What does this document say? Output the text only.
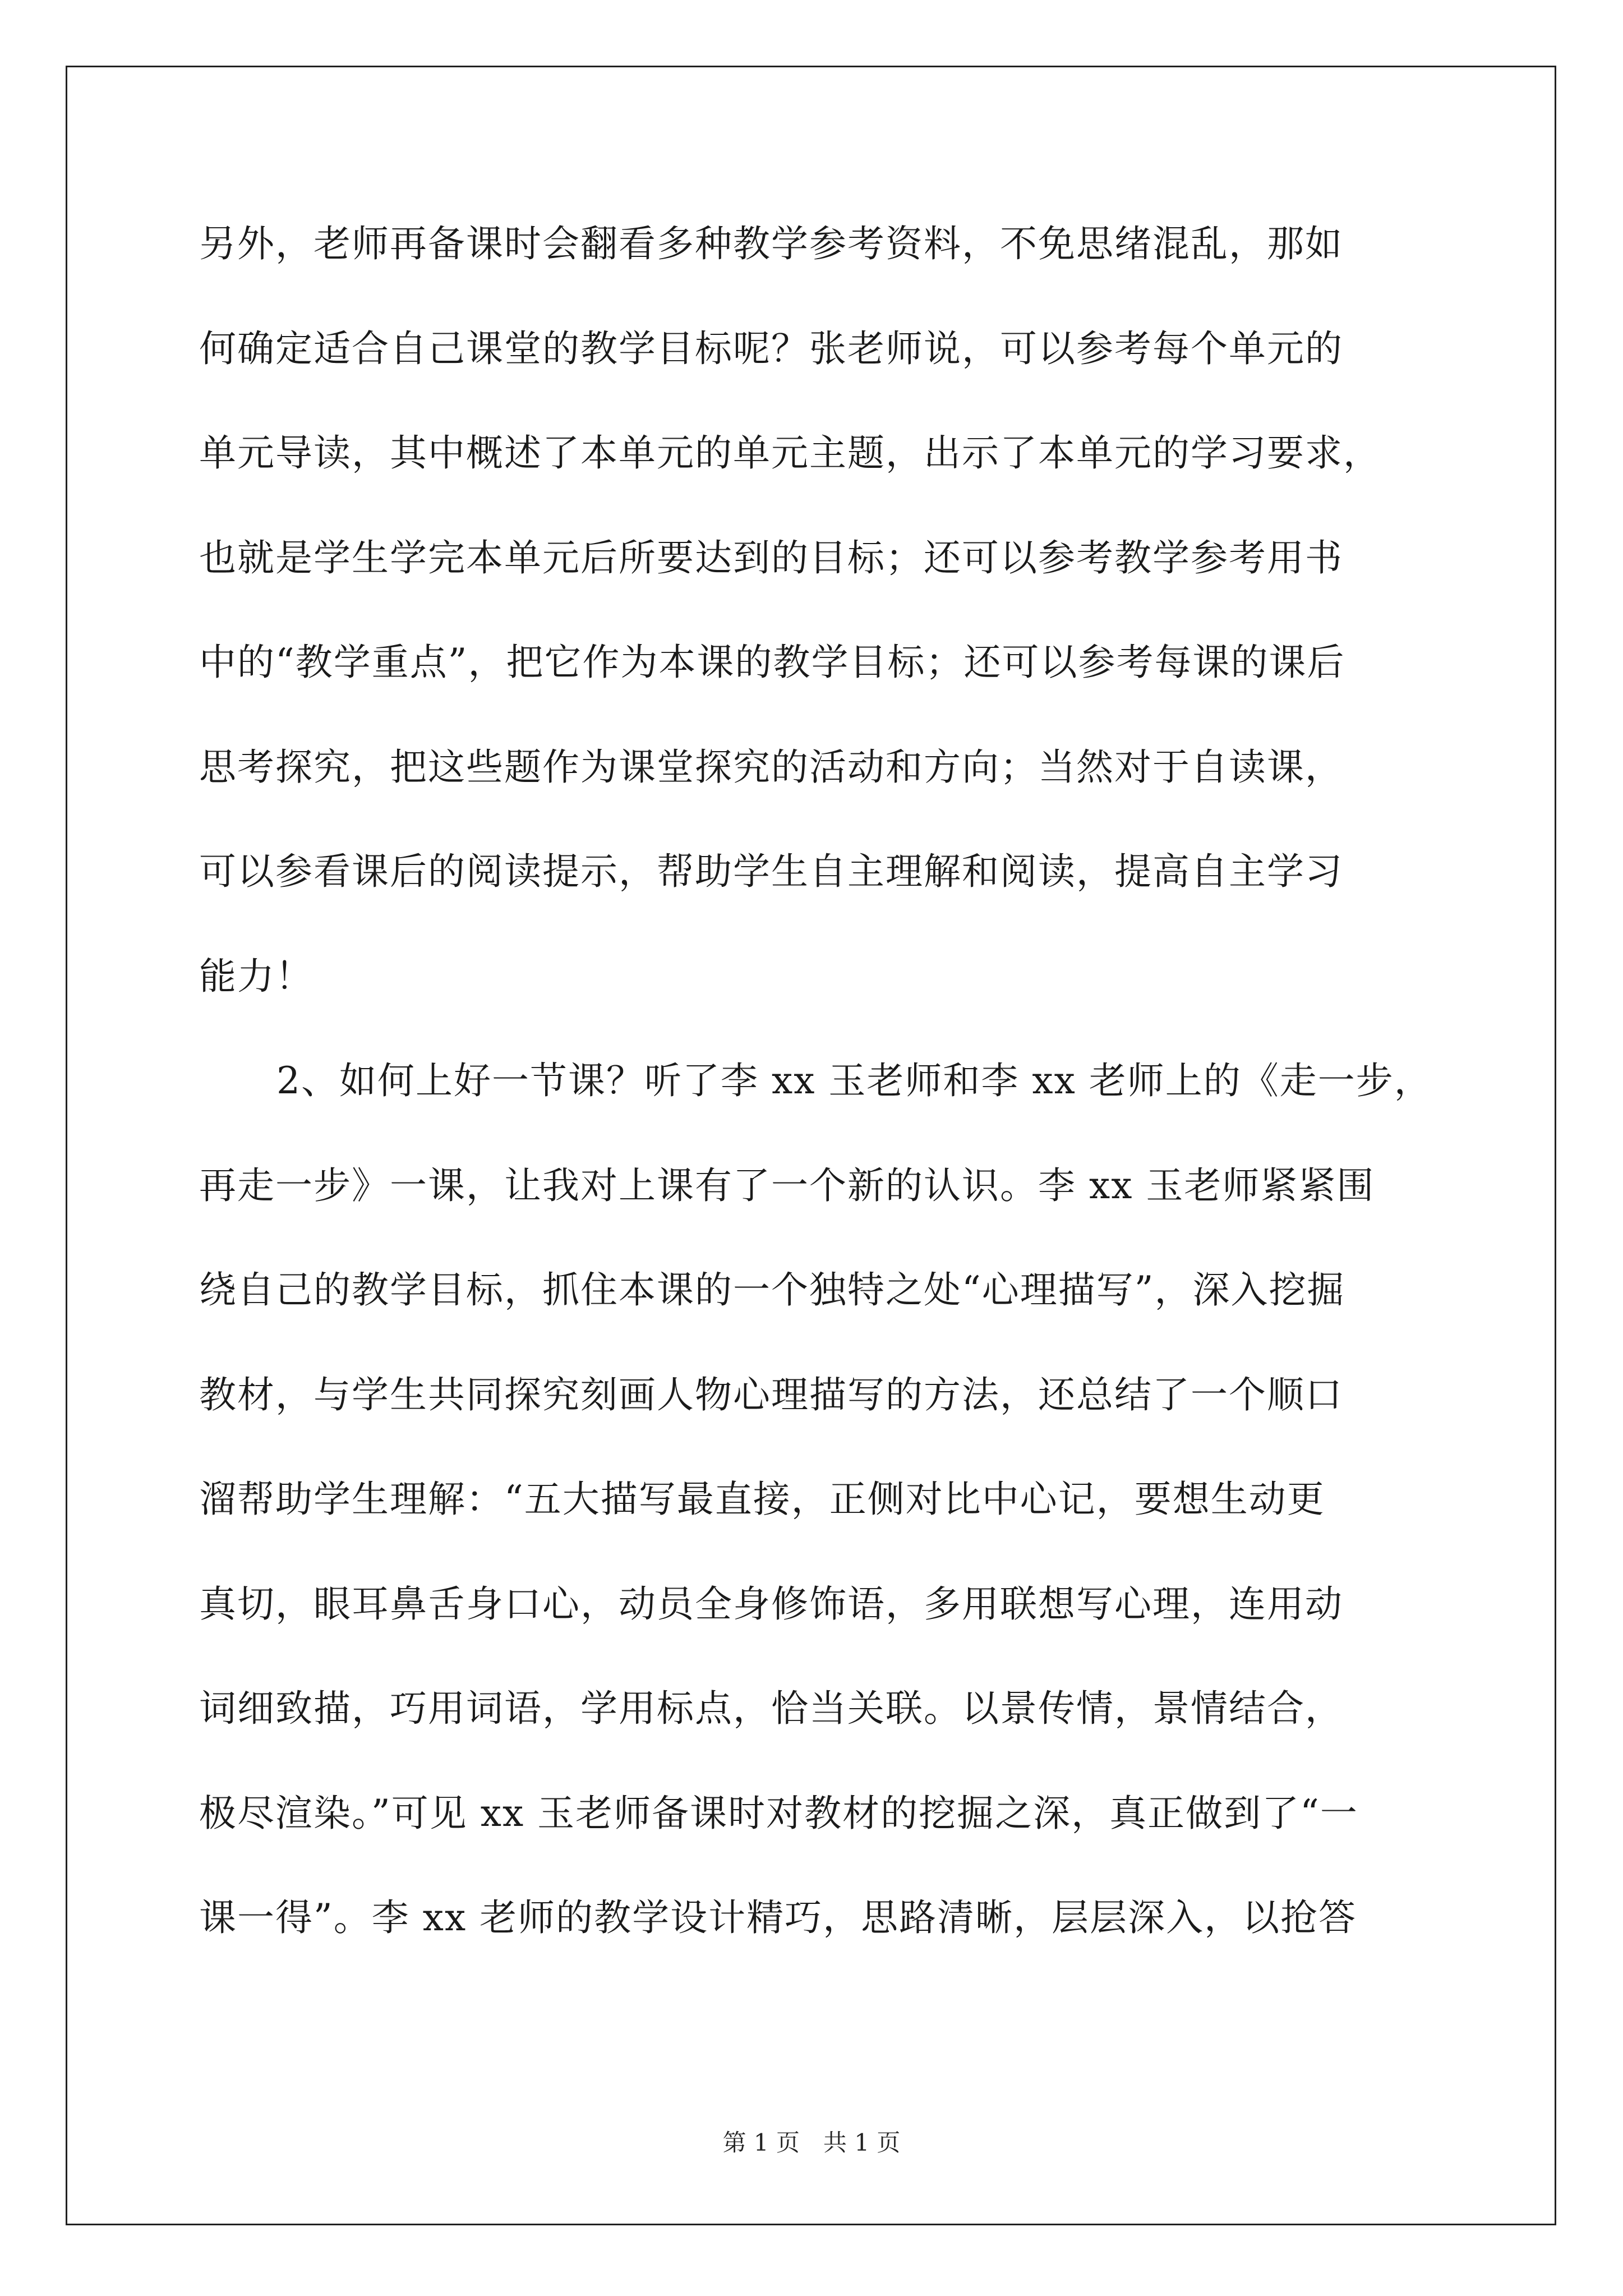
另外，老师再备课时会翻看多种教学参考资料，不免思绪混乱，那如
何确定适合自己课堂的教学目标呢？张老师说，可以参考每个单元的
单元导读，其中概述了本单元的单元主题，出示了本单元的学习要求，
也就是学生学完本单元后所要达到的目标；还可以参考教学参考用书
中的“教学重点”，把它作为本课的教学目标；还可以参考每课的课后
思考探究，把这些题作为课堂探究的活动和方向；当然对于自读课，
可以参看课后的阅读提示，帮助学生自主理解和阅读，提高自主学习
能力！
　　2、如何上好一节课？听了李 xx 玉老师和李 xx 老师上的《走一步，
再走一步》一课，让我对上课有了一个新的认识。李 xx 玉老师紧紧围
绕自己的教学目标，抓住本课的一个独特之处“心理描写”，深入挖掘
教材，与学生共同探究刻画人物心理描写的方法，还总结了一个顺口
溜帮助学生理解：“五大描写最直接，正侧对比中心记，要想生动更
真切，眼耳鼻舌身口心，动员全身修饰语，多用联想写心理，连用动
词细致描，巧用词语，学用标点，恰当关联。以景传情，景情结合，
极尽渲染。”可见 xx 玉老师备课时对教材的挖掘之深，真正做到了“一
课一得”。李 xx 老师的教学设计精巧，思路清晰，层层深入，以抢答
第 1 页　共 1 页
